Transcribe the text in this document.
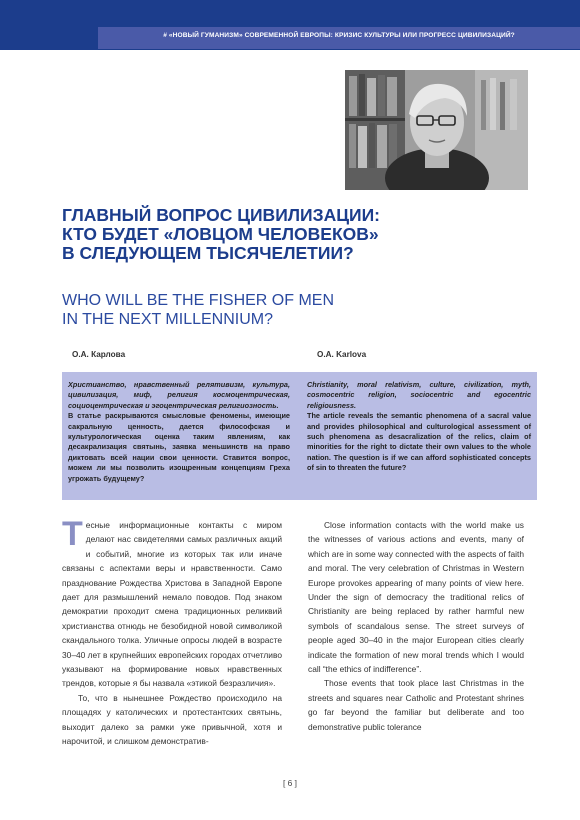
# «НОВЫЙ ГУМАНИЗМ» СОВРЕМЕННОЙ ЕВРОПЫ: КРИЗИС КУЛЬТУРЫ ИЛИ ПРОГРЕСС ЦИВИЛИЗАЦИЙ?
ГЛАВНЫЙ ВОПРОС ЦИВИЛИЗАЦИИ:
КТО БУДЕТ «ЛОВЦОМ ЧЕЛОВЕКОВ»
В СЛЕДУЮЩЕМ ТЫСЯЧЕЛЕТИИ?
WHO WILL BE THE FISHER OF MEN
IN THE NEXT MILLENNIUM?
О.А. Карлова	O.A. Karlova
Христианство, нравственный релятивизм, культура, цивилизация, миф, религия космоцентрическая, социоцентрическая и эгоцентрическая религиозность.
В статье раскрываются смысловые феномены, имеющие сакральную ценность, дается философская и культурологическая оценка таким явлениям, как десакрализация святынь, заявка меньшинств на право диктовать всей нации свои ценности. Ставится вопрос, можем ли мы позволить изощренным концепциям Греха угрожать будущему?
Christianity, moral relativism, culture, civilization, myth, cosmocentric religion, sociocentric and egocentric religiousness.
The article reveals the semantic phenomena of a sacral value and provides philosophical and culturological assessment of such phenomena as desacralization of the relics, claim of minorities for the right to dictate their own values to the whole nation. The question is if we can afford sophisticated concepts of sin to threaten the future?

Тесные информационные контакты с миром делают нас свидетелями самых различных акций и событий, многие из которых так или иначе связаны с аспектами веры и нравственности. Само празднование Рождества Христова в Западной Европе дает для размышлений немало поводов. Под знаком демократии проходит смена традиционных реликвий христианства отнюдь не безобидной новой символикой скандального толка. Уличные опросы людей в возрасте 30–40 лет в крупнейших европейских городах отчетливо указывают на формирование новых нравственных трендов, которые я бы назвала «этикой безразличия».

То, что в нынешнее Рождество происходило на площадях у католических и протестантских святынь, выходит далеко за рамки уже привычной, хотя и нарочитой, и слишком демонстратив-

Close information contacts with the world make us the witnesses of various actions and events, many of which are in some way connected with the aspects of faith and moral. The very celebration of Christmas in Western Europe provokes appearing of many points of view here. Under the sign of democracy the traditional relics of Christianity are being replaced by rather harmful new symbols of scandalous sense. The street surveys of people aged 30–40 in the major European cities clearly indicate the formation of new moral trends which I would call “the ethics of indifference”.

Those events that took place last Christmas in the streets and squares near Catholic and Protestant shrines go far beyond the familiar but deliberate and too demonstrative public tolerance

[ 6 ]
